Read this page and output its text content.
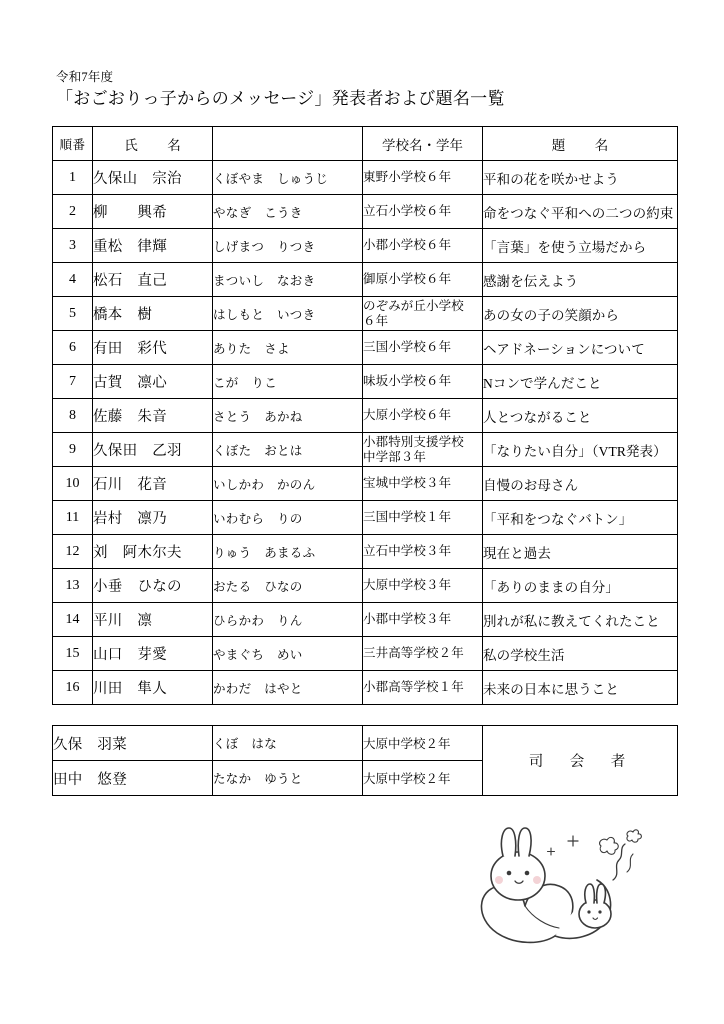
令和7年度
「おごおりっ子からのメッセージ」発表者および題名一覧
順番	氏　名		学校名・学年	題　名
1	久保山　宗治	くぼやま　しゅうじ	東野小学校６年	平和の花を咲かせよう
2	柳　　興希	やなぎ　こうき	立石小学校６年	命をつなぐ平和への二つの約束
3	重松　律輝	しげまつ　りつき	小郡小学校６年	「言葉」を使う立場だから
4	松石　直己	まついし　なおき	御原小学校６年	感謝を伝えよう
5	橋本　樹	はしもと　いつき	のぞみが丘小学校
６年	あの女の子の笑顔から
6	有田　彩代	ありた　さよ	三国小学校６年	ヘアドネーションについて
7	古賀　凛心	こが　りこ	味坂小学校６年	Nコンで学んだこと
8	佐藤　朱音	さとう　あかね	大原小学校６年	人とつながること
9	久保田　乙羽	くぼた　おとは	小郡特別支援学校
中学部３年	「なりたい自分」（VTR発表）
10	石川　花音	いしかわ　かのん	宝城中学校３年	自慢のお母さん
11	岩村　凛乃	いわむら　りの	三国中学校１年	「平和をつなぐバトン」
12	刘　阿木尔夫	りゅう　あまるふ	立石中学校３年	現在と過去
13	小垂　ひなの	おたる　ひなの	大原中学校３年	「ありのままの自分」
14	平川　凛	ひらかわ　りん	小郡中学校３年	別れが私に教えてくれたこと
15	山口　芽愛	やまぐち　めい	三井高等学校２年	私の学校生活
16	川田　隼人	かわだ　はやと	小郡高等学校１年	未来の日本に思うこと
久保　羽菜	くぼ　はな	大原中学校２年	司　会　者
田中　悠登	たなか　ゆうと	大原中学校２年	
